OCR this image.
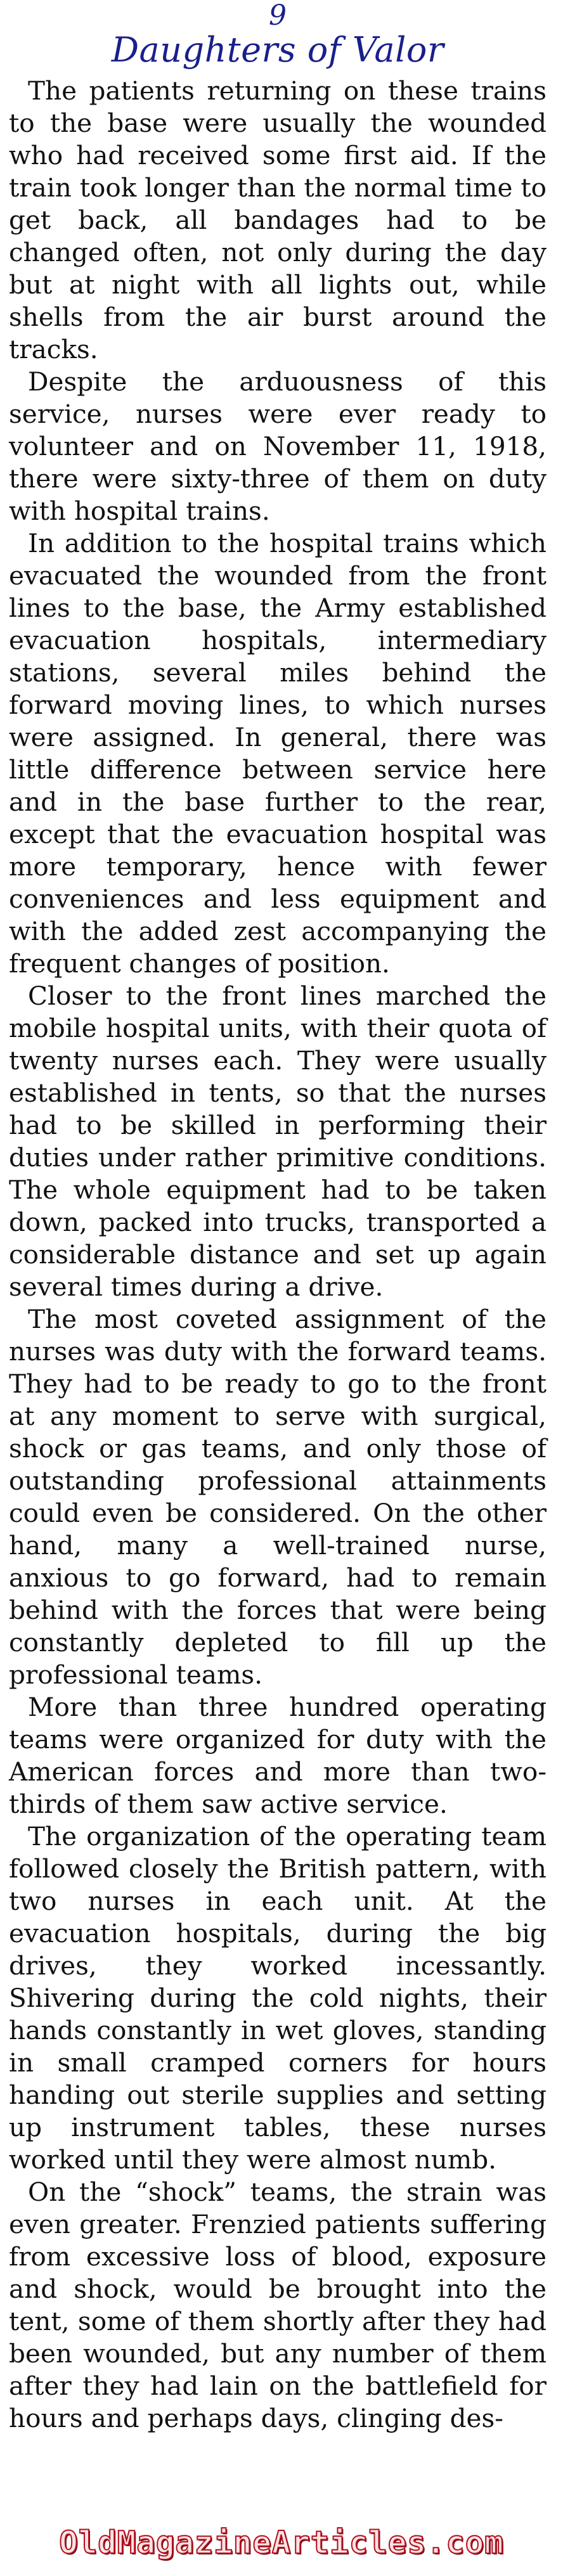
9
Daughters of Valor

The patients returning on these trains to the base were usually the wounded who had received some first aid. If the train took longer than the normal time to get back, all bandages had to be changed often, not only during the day but at night with all lights out, while shells from the air burst around the tracks.

Despite the arduousness of this service, nurses were ever ready to volunteer and on November 11, 1918, there were sixty-three of them on duty with hospital trains.

In addition to the hospital trains which evacuated the wounded from the front lines to the base, the Army established evacuation hospitals, intermediary stations, several miles behind the forward moving lines, to which nurses were assigned. In general, there was little difference between service here and in the base further to the rear, except that the evacuation hospital was more temporary, hence with fewer conveniences and less equipment and with the added zest accompanying the frequent changes of position.

Closer to the front lines marched the mobile hospital units, with their quota of twenty nurses each. They were usually established in tents, so that the nurses had to be skilled in performing their duties under rather primitive conditions. The whole equipment had to be taken down, packed into trucks, transported a considerable distance and set up again several times during a drive.

The most coveted assignment of the nurses was duty with the forward teams. They had to be ready to go to the front at any moment to serve with surgical, shock or gas teams, and only those of outstanding professional attainments could even be considered. On the other hand, many a well-trained nurse, anxious to go forward, had to remain behind with the forces that were being constantly depleted to fill up the professional teams.

More than three hundred operating teams were organized for duty with the American forces and more than two-thirds of them saw active service.

The organization of the operating team followed closely the British pattern, with two nurses in each unit. At the evacuation hospitals, during the big drives, they worked incessantly. Shivering during the cold nights, their hands constantly in wet gloves, standing in small cramped corners for hours handing out sterile supplies and setting up instrument tables, these nurses worked until they were almost numb.

On the “shock” teams, the strain was even greater. Frenzied patients suffering from excessive loss of blood, exposure and shock, would be brought into the tent, some of them shortly after they had been wounded, but any number of them after they had lain on the battlefield for hours and perhaps days, clinging des-

OldMagazineArticles.com
